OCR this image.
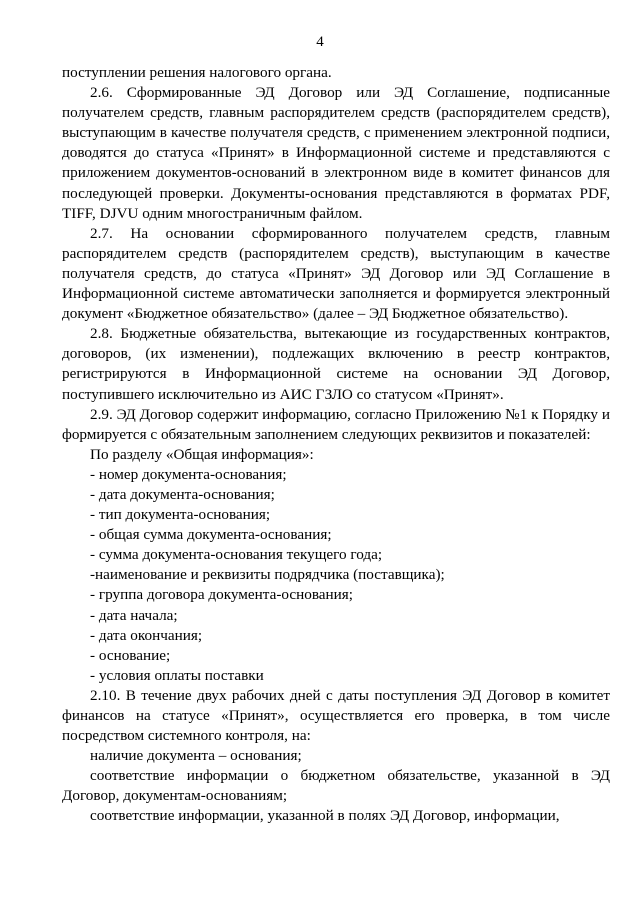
4

поступлении решения налогового органа.

2.6. Сформированные ЭД Договор или ЭД Соглашение, подписанные получателем средств, главным распорядителем средств (распорядителем средств), выступающим в качестве получателя средств, с применением электронной подписи, доводятся до статуса «Принят» в Информационной системе и представляются с приложением документов-оснований в электронном виде в комитет финансов для последующей проверки. Документы-основания представляются в форматах PDF, TIFF, DJVU одним многостраничным файлом.

2.7. На основании сформированного получателем средств, главным распорядителем средств (распорядителем средств), выступающим в качестве получателя средств, до статуса «Принят» ЭД Договор или ЭД Соглашение в Информационной системе автоматически заполняется и формируется электронный документ «Бюджетное обязательство» (далее – ЭД Бюджетное обязательство).

2.8. Бюджетные обязательства, вытекающие из государственных контрактов, договоров, (их изменении), подлежащих включению в реестр контрактов, регистрируются в Информационной системе на основании ЭД Договор, поступившего исключительно из АИС ГЗЛО со статусом «Принят».

2.9. ЭД Договор содержит информацию, согласно Приложению №1 к Порядку и формируется с обязательным заполнением следующих реквизитов и показателей:

По разделу «Общая информация»:

- номер документа-основания;

- дата документа-основания;

- тип документа-основания;

- общая сумма документа-основания;

- сумма документа-основания текущего года;

-наименование и реквизиты подрядчика (поставщика);

- группа договора документа-основания;

- дата начала;

- дата окончания;

- основание;

- условия оплаты поставки

2.10. В течение двух рабочих дней с даты поступления ЭД Договор в комитет финансов на статусе «Принят», осуществляется его проверка, в том числе посредством системного контроля, на:

наличие документа – основания;

соответствие информации о бюджетном обязательстве, указанной в ЭД Договор, документам-основаниям;

соответствие информации, указанной в полях ЭД Договор, информации,
